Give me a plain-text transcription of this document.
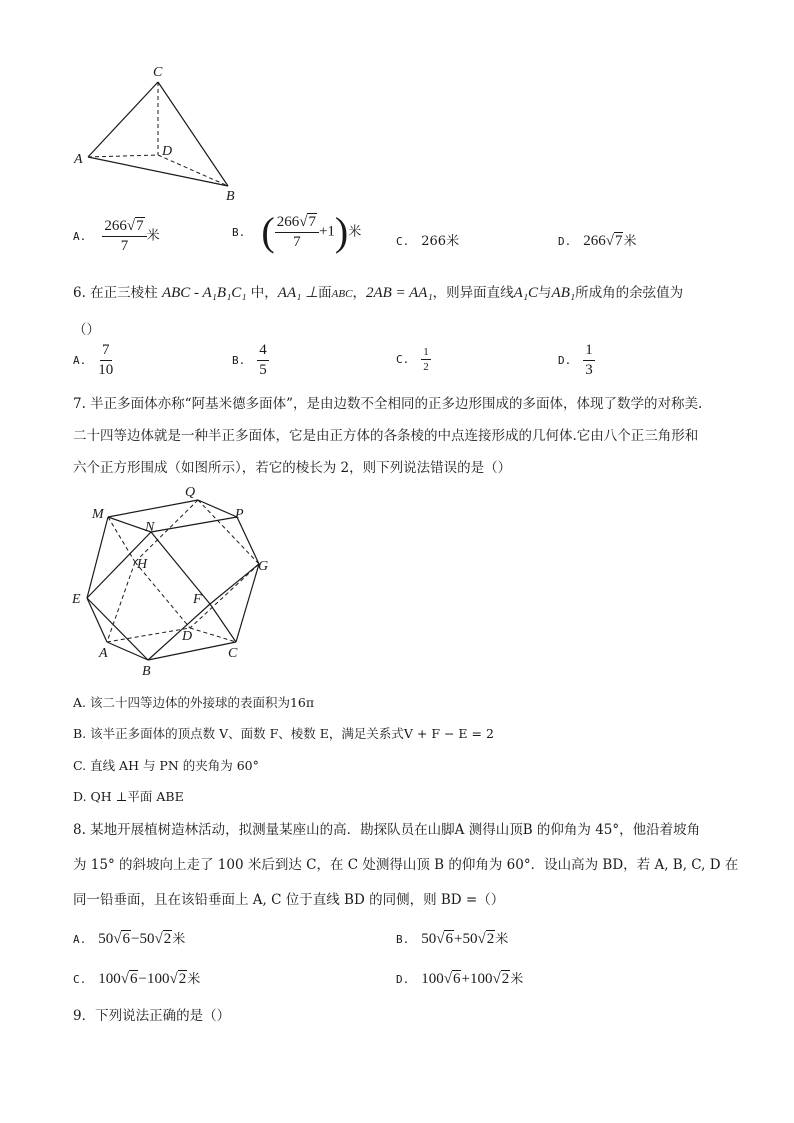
C
D
A
B
A. $\frac{266√7}{7}$ 米	B. ( $\frac{266√7}{7} +1$)米
C. 266米	D. 266√7米
6. 在正三棱柱 ABC - A₁B₁C₁ 中，AA₁ ⊥面ABC，2AB = AA₁，则异面直线A₁C与AB₁所成角的余弦值为
（）
A. $\frac{7}{10}$	B. $\frac{4}{5}$	C. $\frac{1}{2}$	D. $\frac{1}{3}$
7. 半正多面体亦称“阿基米德多面体”，是由边数不全相同的正多边形围成的多面体，体现了数学的对称美.
二十四等边体就是一种半正多面体，它是由正方体的各条棱的中点连接形成的几何体.它由八个正三角形和
六个正方形围成（如图所示），若它的棱长为 2，则下列说法错误的是（）
Q
M
N
P
H	G
E	F
D
A
B
C
A. 该二十四等边体的外接球的表面积为16π
B. 该半正多面体的顶点数 V、面数 F、棱数 E，满足关系式V + F − E = 2
C. 直线 AH 与 PN 的夹角为 60°
D. QH ⊥平面 ABE
8. 某地开展植树造林活动，拟测量某座山的高．勘探队员在山脚A 测得山顶B 的仰角为 45°，他沿着坡角
为 15° 的斜坡向上走了 100 米后到达 C，在 C 处测得山顶 B 的仰角为 60°．设山高为 BD，若 A, B, C, D 在
同一铅垂面，且在该铅垂面上 A, C 位于直线 BD 的同侧，则 BD =（）
A. 50√6−50√2米	B. 50√6+50√2米
C. 100√6−100√2米	D. 100√6+100√2米
9．下列说法正确的是（）
